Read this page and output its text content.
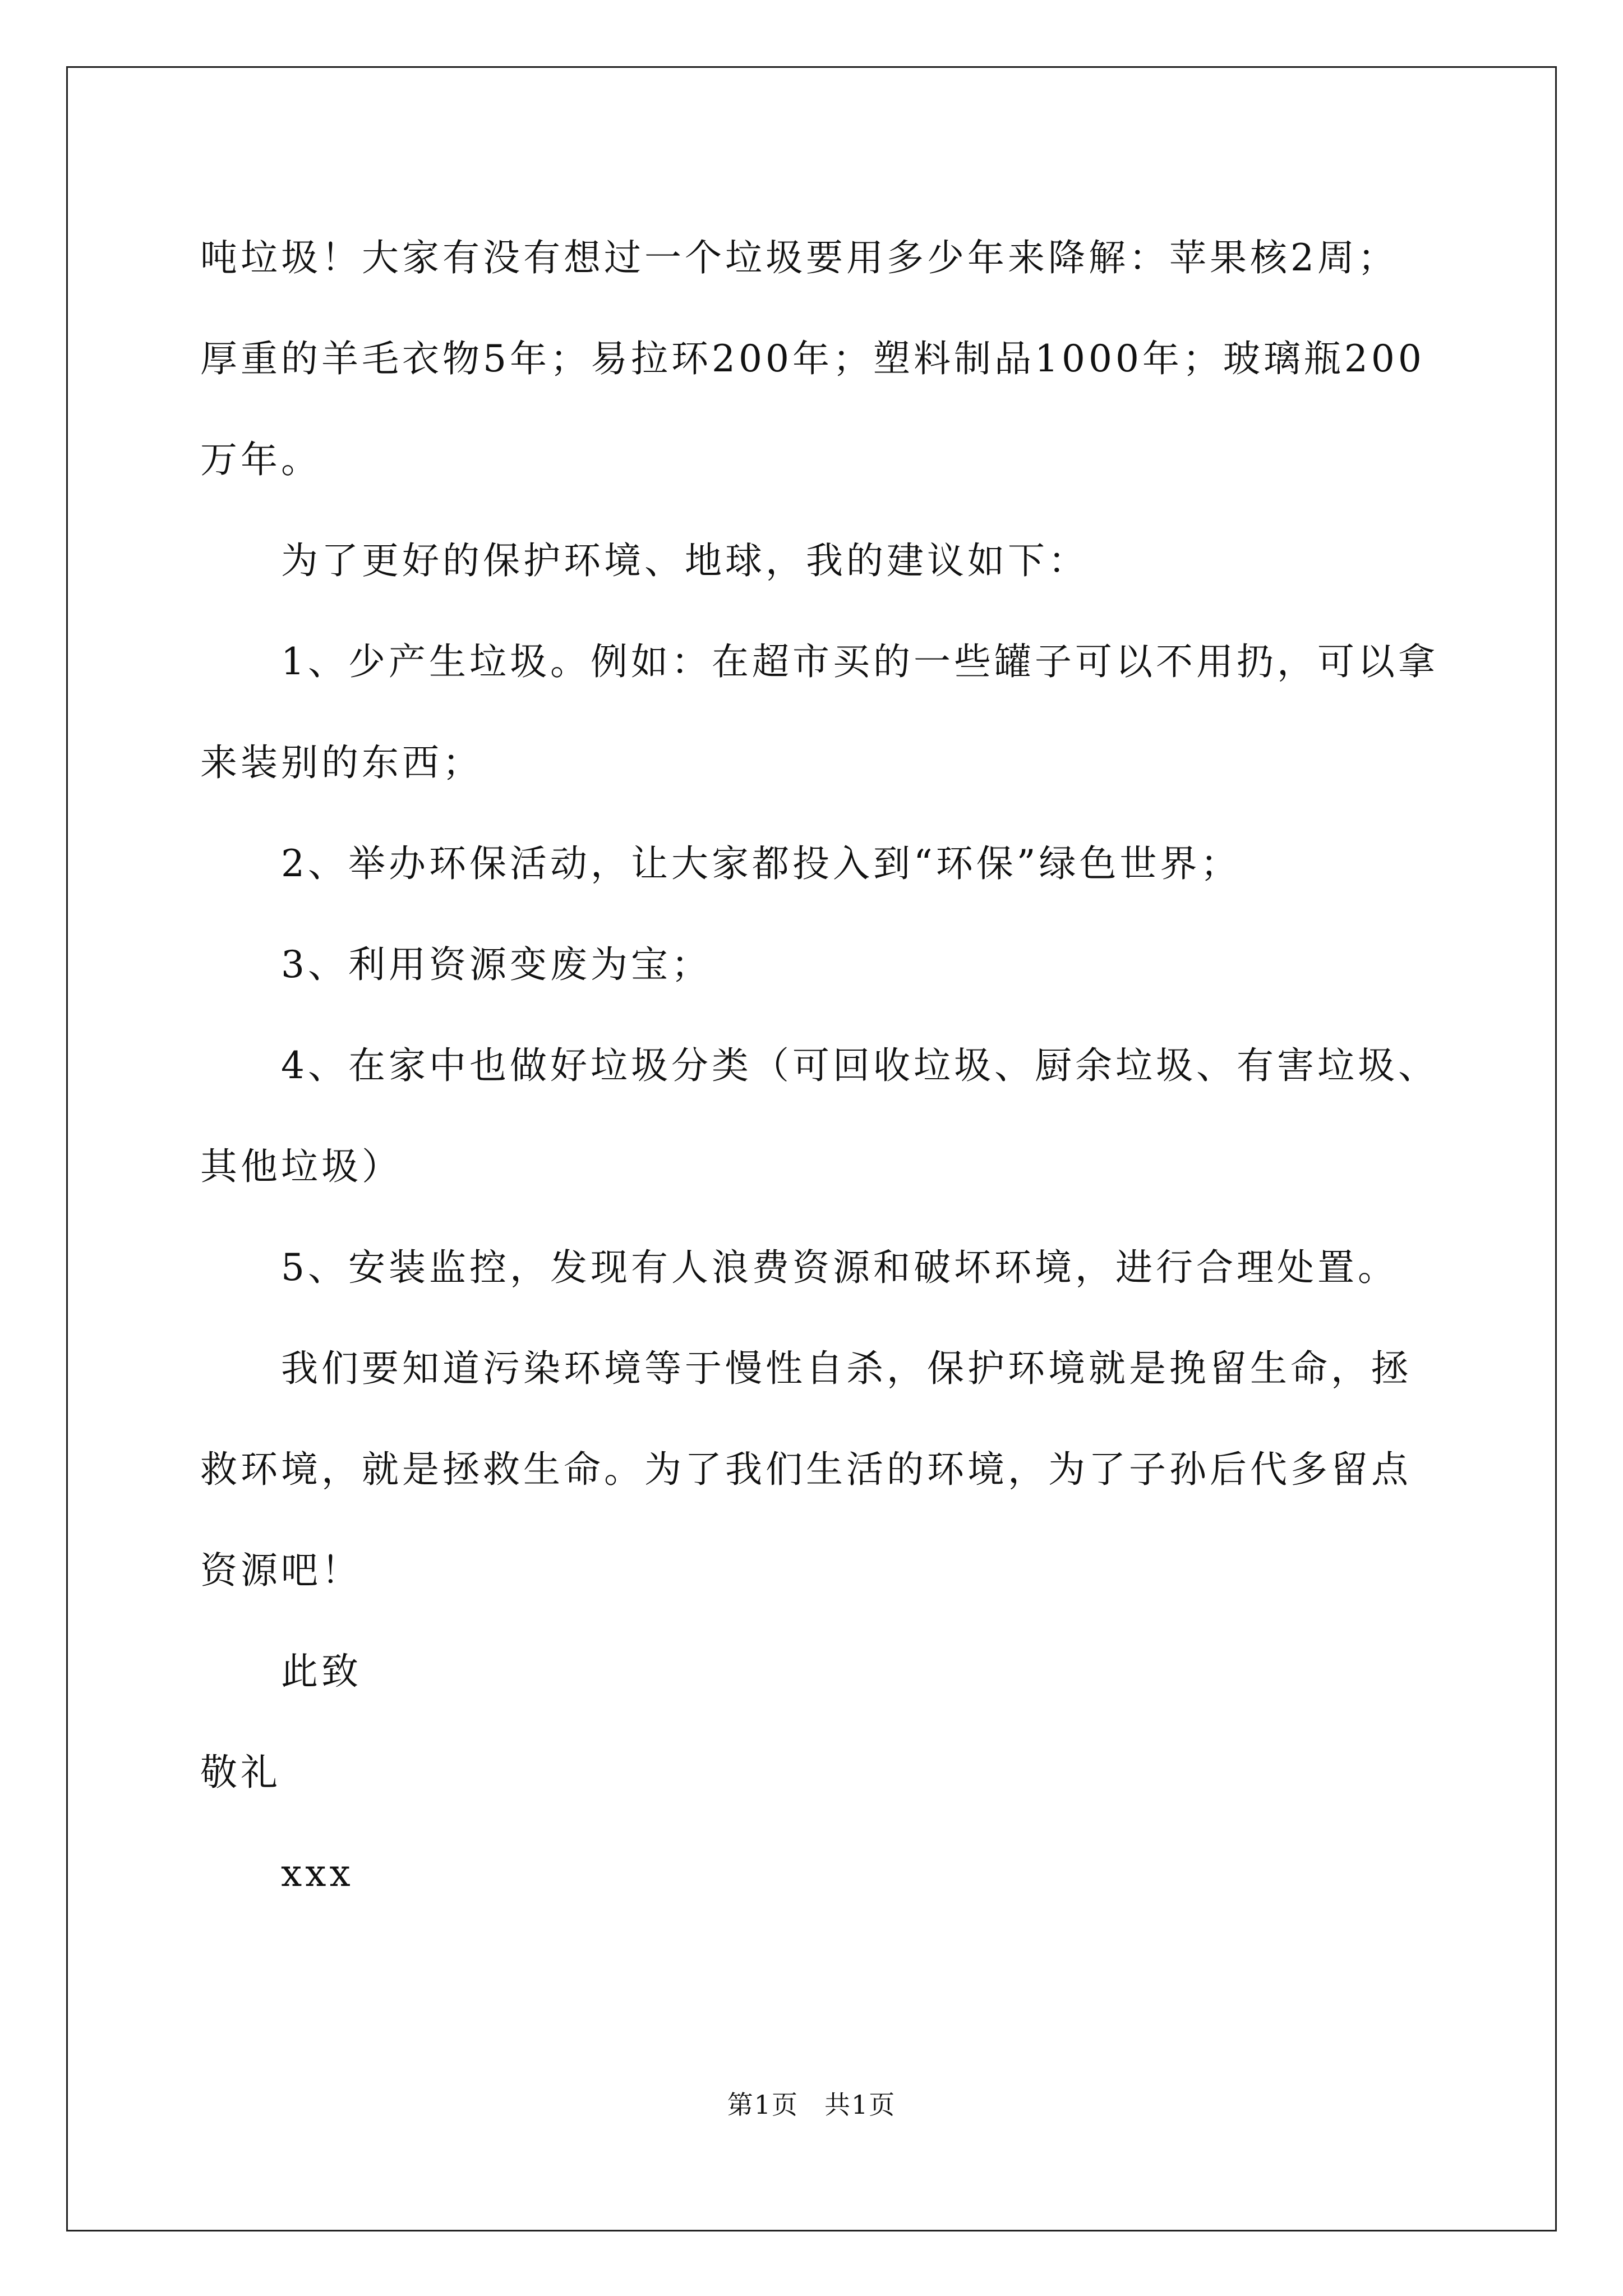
吨垃圾！大家有没有想过一个垃圾要用多少年来降解：苹果核2周；
厚重的羊毛衣物5年；易拉环200年；塑料制品1000年；玻璃瓶200
万年。
为了更好的保护环境、地球，我的建议如下：
1、少产生垃圾。例如：在超市买的一些罐子可以不用扔，可以拿
来装别的东西；
2、举办环保活动，让大家都投入到“环保”绿色世界；
3、利用资源变废为宝；
4、在家中也做好垃圾分类（可回收垃圾、厨余垃圾、有害垃圾、
其他垃圾）
5、安装监控，发现有人浪费资源和破坏环境，进行合理处置。
我们要知道污染环境等于慢性自杀，保护环境就是挽留生命，拯
救环境，就是拯救生命。为了我们生活的环境，为了子孙后代多留点
资源吧！
此致
敬礼
xxx
第1页 共1页
